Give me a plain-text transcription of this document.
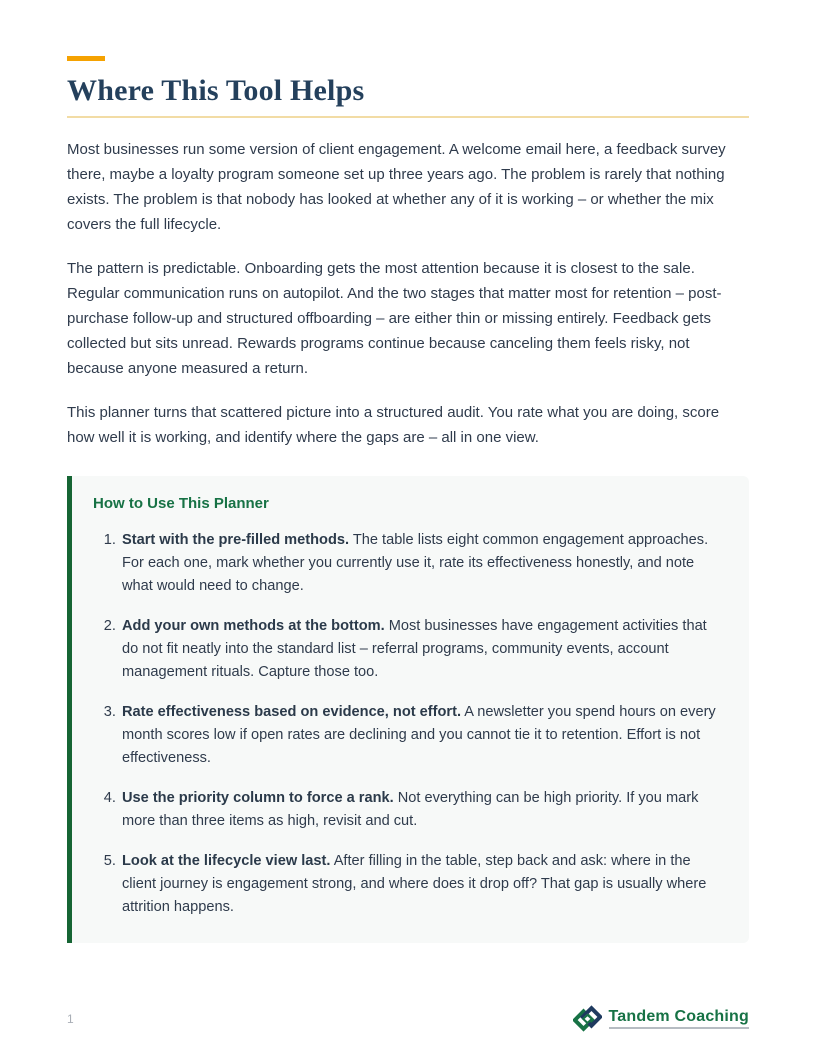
Where This Tool Helps

Most businesses run some version of client engagement. A welcome email here, a feedback survey there, maybe a loyalty program someone set up three years ago. The problem is rarely that nothing exists. The problem is that nobody has looked at whether any of it is working – or whether the mix covers the full lifecycle.

The pattern is predictable. Onboarding gets the most attention because it is closest to the sale. Regular communication runs on autopilot. And the two stages that matter most for retention – post-purchase follow-up and structured offboarding – are either thin or missing entirely. Feedback gets collected but sits unread. Rewards programs continue because canceling them feels risky, not because anyone measured a return.

This planner turns that scattered picture into a structured audit. You rate what you are doing, score how well it is working, and identify where the gaps are – all in one view.

How to Use This Planner
1. Start with the pre-filled methods. The table lists eight common engagement approaches. For each one, mark whether you currently use it, rate its effectiveness honestly, and note what would need to change.
2. Add your own methods at the bottom. Most businesses have engagement activities that do not fit neatly into the standard list – referral programs, community events, account management rituals. Capture those too.
3. Rate effectiveness based on evidence, not effort. A newsletter you spend hours on every month scores low if open rates are declining and you cannot tie it to retention. Effort is not effectiveness.
4. Use the priority column to force a rank. Not everything can be high priority. If you mark more than three items as high, revisit and cut.
5. Look at the lifecycle view last. After filling in the table, step back and ask: where in the client journey is engagement strong, and where does it drop off? That gap is usually where attrition happens.
1	Tandem Coaching
